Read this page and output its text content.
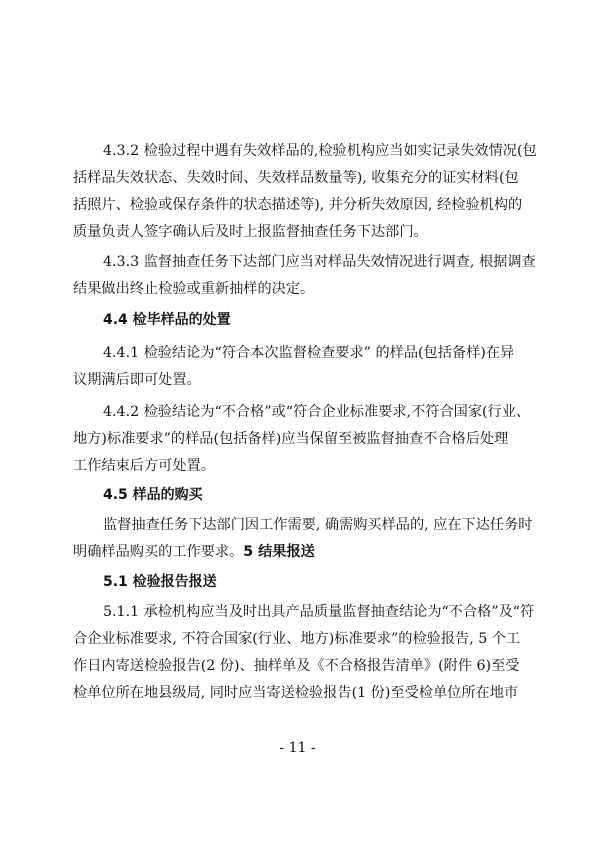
4.3.2 检验过程中遇有失效样品的,检验机构应当如实记录失效情况(包
括样品失效状态、失效时间、失效样品数量等), 收集充分的证实材料(包
括照片、检验或保存条件的状态描述等), 并分析失效原因, 经检验机构的
质量负责人签字确认后及时上报监督抽查任务下达部门。
4.3.3 监督抽查任务下达部门应当对样品失效情况进行调查, 根据调查
结果做出终止检验或重新抽样的决定。
4.4 检毕样品的处置
4.4.1 检验结论为“符合本次监督检查要求” 的样品(包括备样)在异
议期满后即可处置。
4.4.2 检验结论为“不合格”或“符合企业标准要求,不符合国家(行业、
地方)标准要求”的样品(包括备样)应当保留至被监督抽查不合格后处理
工作结束后方可处置。
4.5 样品的购买
监督抽查任务下达部门因工作需要, 确需购买样品的, 应在下达任务时
明确样品购买的工作要求。5 结果报送
5.1 检验报告报送
5.1.1 承检机构应当及时出具产品质量监督抽查结论为“不合格”及“符
合企业标准要求, 不符合国家(行业、地方)标准要求”的检验报告, 5 个工
作日内寄送检验报告(2 份)、抽样单及《不合格报告清单》(附件 6)至受
检单位所在地县级局, 同时应当寄送检验报告(1 份)至受检单位所在地市
- 11 -
